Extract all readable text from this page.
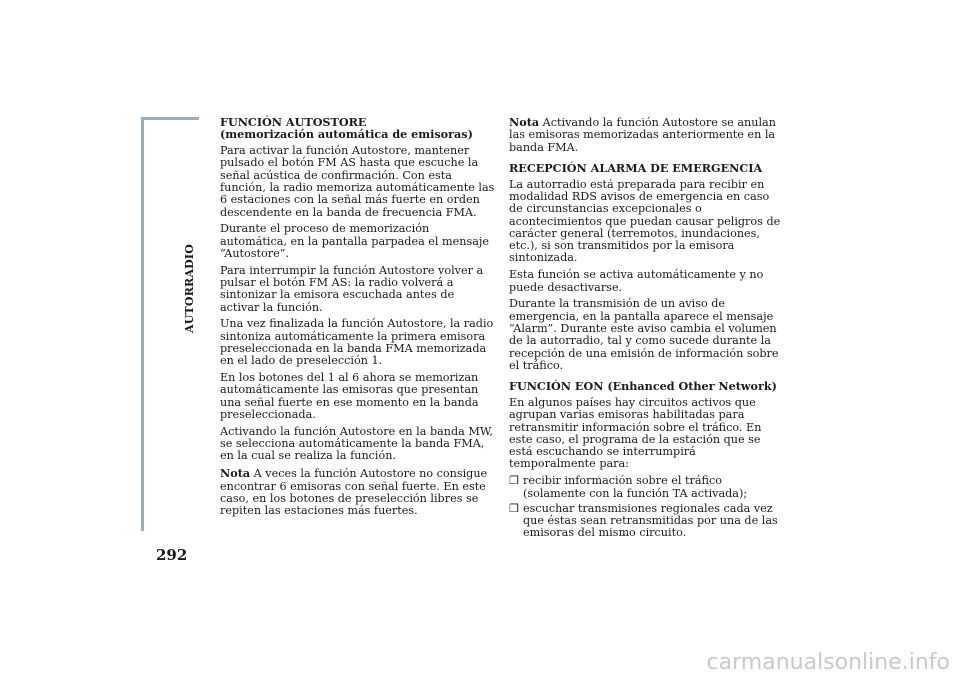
AUTORRADIO
292
FUNCIÓN AUTOSTORE
(memorización automática de emisoras)

Para activar la función Autostore, mantener pulsado el botón FM AS hasta que escuche la señal acústica de confirmación. Con esta función, la radio memoriza automáticamente las 6 estaciones con la señal más fuerte en orden descendente en la banda de frecuencia FMA.

Durante el proceso de memorización automática, en la pantalla parpadea el mensaje “Autostore”.

Para interrumpir la función Autostore volver a pulsar el botón FM AS: la radio volverá a sintonizar la emisora escuchada antes de activar la función.

Una vez finalizada la función Autostore, la radio sintoniza automáticamente la primera emisora preseleccionada en la banda FMA memorizada en el lado de preselección 1.

En los botones del 1 al 6 ahora se memorizan automáticamente las emisoras que presentan una señal fuerte en ese momento en la banda preseleccionada.

Activando la función Autostore en la banda MW, se selecciona automáticamente la banda FMA, en la cual se realiza la función.

Nota A veces la función Autostore no consigue encontrar 6 emisoras con señal fuerte. En este caso, en los botones de preselección libres se repiten las estaciones más fuertes.

Nota Activando la función Autostore se anulan las emisoras memorizadas anteriormente en la banda FMA.

RECEPCIÓN ALARMA DE EMERGENCIA

La autorradio está preparada para recibir en modalidad RDS avisos de emergencia en caso de circunstancias excepcionales o acontecimientos que puedan causar peligros de carácter general (terremotos, inundaciones, etc.), si son transmitidos por la emisora sintonizada.

Esta función se activa automáticamente y no puede desactivarse.

Durante la transmisión de un aviso de emergencia, en la pantalla aparece el mensaje “Alarm”. Durante este aviso cambia el volumen de la autorradio, tal y como sucede durante la recepción de una emisión de información sobre el tráfico.

FUNCIÓN EON (Enhanced Other Network)

En algunos países hay circuitos activos que agrupan varias emisoras habilitadas para retransmitir información sobre el tráfico. En este caso, el programa de la estación que se está escuchando se interrumpirá temporalmente para:

❒ recibir información sobre el tráfico (solamente con la función TA activada);
❒ escuchar transmisiones regionales cada vez que éstas sean retransmitidas por una de las emisoras del mismo circuito.
carmanualsonline.info
